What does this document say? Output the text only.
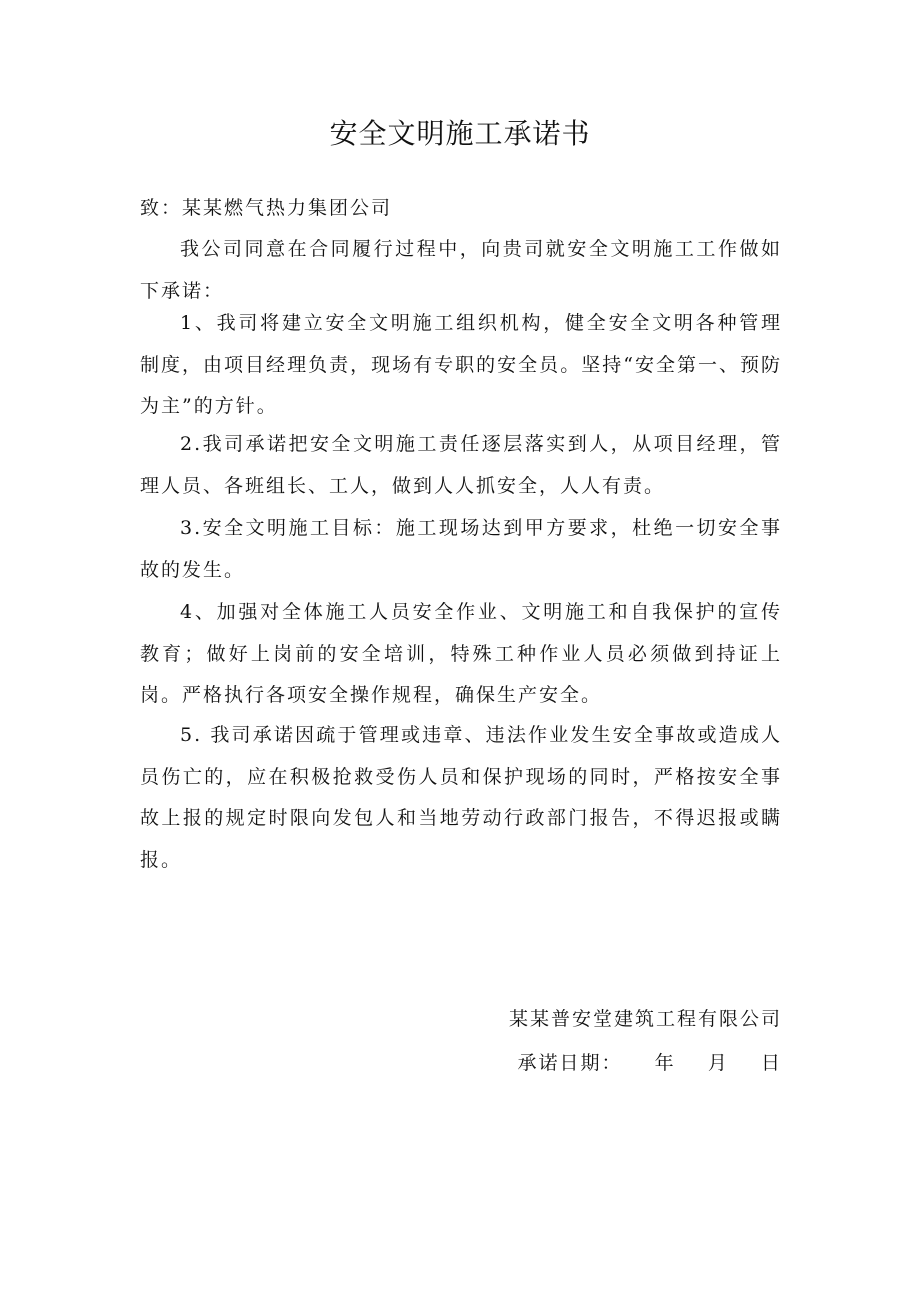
安全文明施工承诺书
致：某某燃气热力集团公司

我公司同意在合同履行过程中，向贵司就安全文明施工工作做如下承诺：

1、我司将建立安全文明施工组织机构，健全安全文明各种管理制度，由项目经理负责，现场有专职的安全员。坚持“安全第一、预防为主”的方针。

2.我司承诺把安全文明施工责任逐层落实到人，从项目经理，管理人员、各班组长、工人，做到人人抓安全，人人有责。

3.安全文明施工目标：施工现场达到甲方要求，杜绝一切安全事故的发生。

4、加强对全体施工人员安全作业、文明施工和自我保护的宣传教育；做好上岗前的安全培训，特殊工种作业人员必须做到持证上岗。严格执行各项安全操作规程，确保生产安全。

5. 我司承诺因疏于管理或违章、违法作业发生安全事故或造成人员伤亡的，应在积极抢救受伤人员和保护现场的同时，严格按安全事故上报的规定时限向发包人和当地劳动行政部门报告，不得迟报或瞒报。

某某普安堂建筑工程有限公司
承诺日期：    年    月    日
